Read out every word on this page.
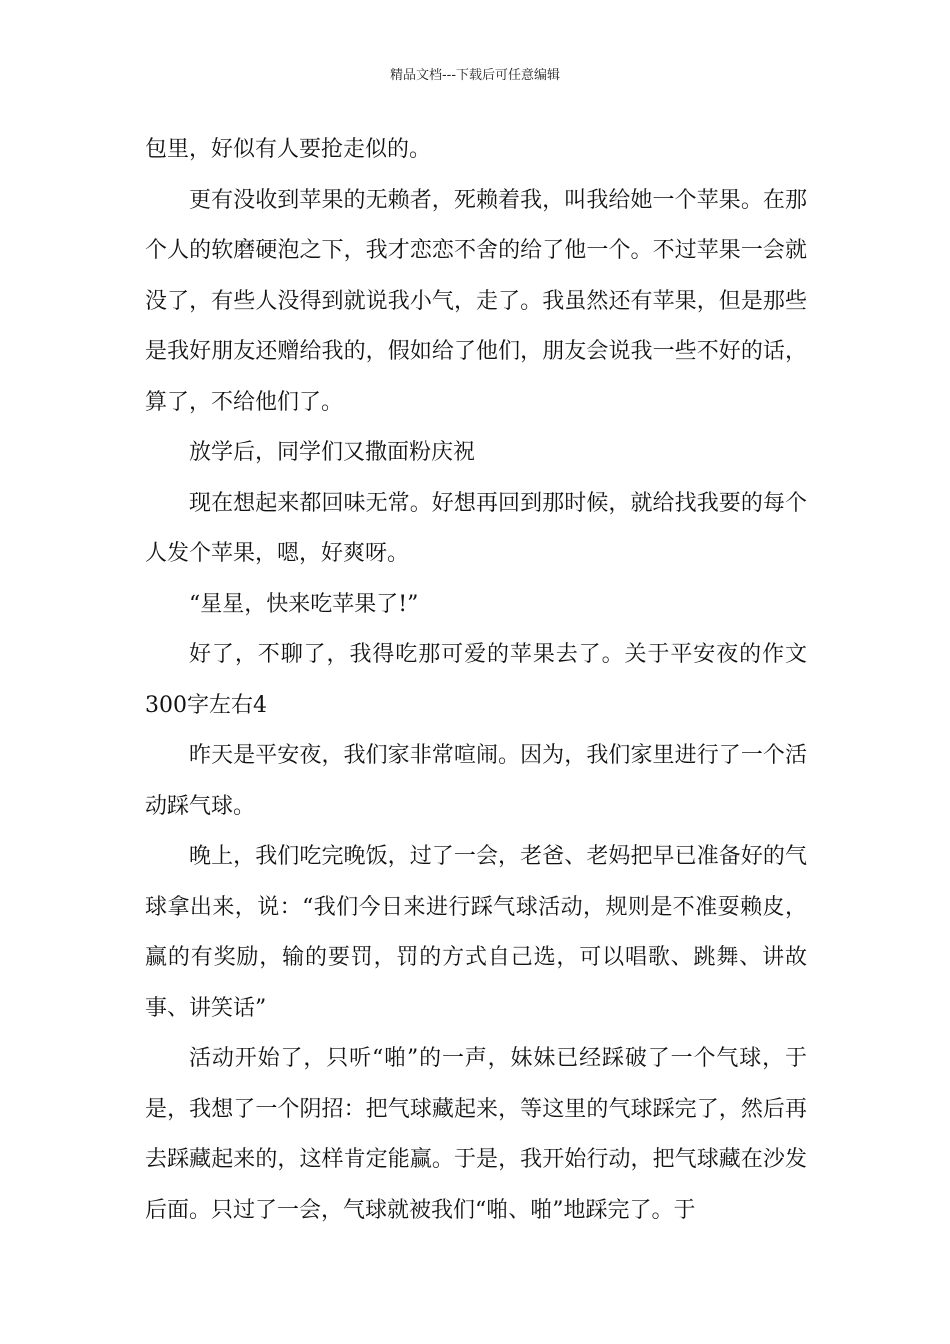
精品文档---下载后可任意编辑

包里，好似有人要抢走似的。

更有没收到苹果的无赖者，死赖着我，叫我给她一个苹果。在那个人的软磨硬泡之下，我才恋恋不舍的给了他一个。不过苹果一会就没了，有些人没得到就说我小气，走了。我虽然还有苹果，但是那些是我好朋友还赠给我的，假如给了他们，朋友会说我一些不好的话，算了，不给他们了。

放学后，同学们又撒面粉庆祝

现在想起来都回味无常。好想再回到那时候，就给找我要的每个人发个苹果，嗯，好爽呀。

“星星，快来吃苹果了!”

好了，不聊了，我得吃那可爱的苹果去了。关于平安夜的作文300字左右4

昨天是平安夜，我们家非常喧闹。因为，我们家里进行了一个活动踩气球。

晚上，我们吃完晚饭，过了一会，老爸、老妈把早已准备好的气球拿出来，说：“我们今日来进行踩气球活动，规则是不准耍赖皮，赢的有奖励，输的要罚，罚的方式自己选，可以唱歌、跳舞、讲故事、讲笑话”

活动开始了，只听“啪”的一声，妹妹已经踩破了一个气球，于是，我想了一个阴招：把气球藏起来，等这里的气球踩完了，然后再去踩藏起来的，这样肯定能赢。于是，我开始行动，把气球藏在沙发后面。只过了一会，气球就被我们“啪、啪”地踩完了。于
